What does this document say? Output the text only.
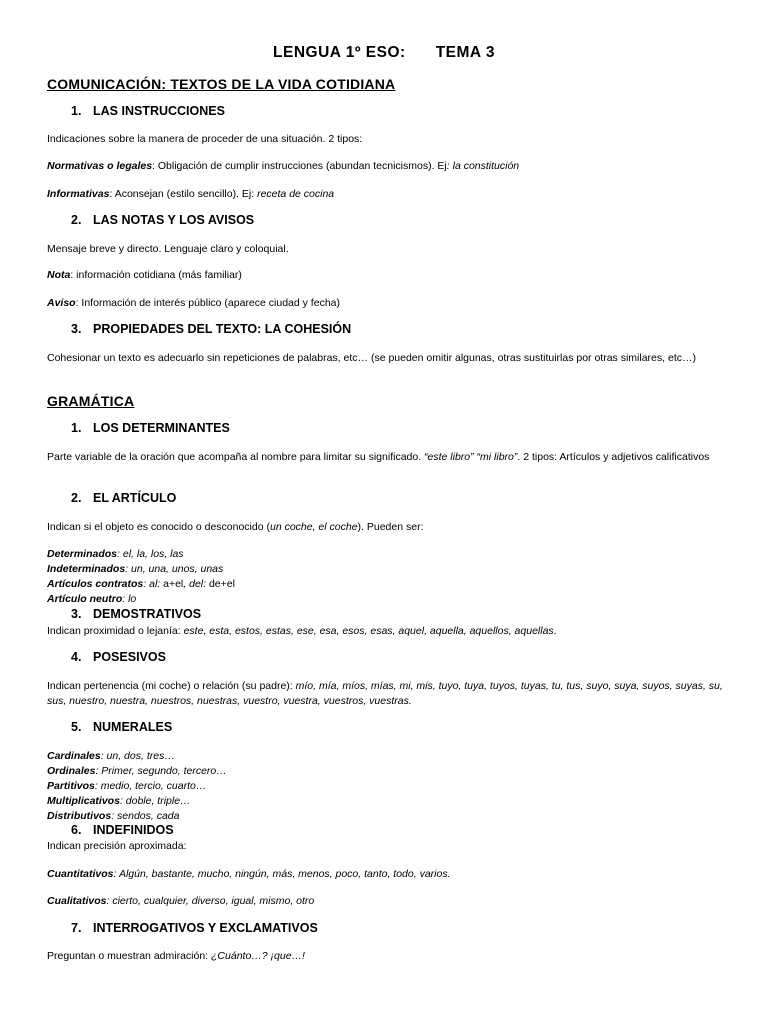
LENGUA 1º ESO: TEMA 3
COMUNICACIÓN: TEXTOS DE LA VIDA COTIDIANA
1. LAS INSTRUCCIONES
Indicaciones sobre la manera de proceder de una situación. 2 tipos:
Normativas o legales: Obligación de cumplir instrucciones (abundan tecnicismos). Ej: la constitución
Informativas: Aconsejan (estilo sencillo). Ej: receta de cocina
2. LAS NOTAS Y LOS AVISOS
Mensaje breve y directo. Lenguaje claro y coloquial.
Nota: información cotidiana (más familiar)
Aviso: Información de interés público (aparece ciudad y fecha)
3. PROPIEDADES DEL TEXTO: LA COHESIÓN
Cohesionar un texto es adecuarlo sin repeticiones de palabras, etc… (se pueden omitir algunas, otras sustituirlas por otras similares, etc…)
GRAMÁTICA
1. LOS DETERMINANTES
Parte variable de la oración que acompaña al nombre para limitar su significado. “este libro” “mi libro”. 2 tipos: Artículos y adjetivos calificativos
2. EL ARTÍCULO
Indican si el objeto es conocido o desconocido (un coche, el coche). Pueden ser:
Determinados: el, la, los, las
Indeterminados: un, una, unos, unas
Artículos contratos: al: a+el, del: de+el
Artículo neutro: lo
3. DEMOSTRATIVOS
Indican proximidad o lejanía: este, esta, estos, estas, ese, esa, esos, esas, aquel, aquella, aquellos, aquellas.
4. POSESIVOS
Indican pertenencia (mi coche) o relación (su padre): mío, mía, míos, mías, mi, mis, tuyo, tuya, tuyos, tuyas, tu, tus, suyo, suya, suyos, suyas, su, sus, nuestro, nuestra, nuestros, nuestras, vuestro, vuestra, vuestros, vuestras.
5. NUMERALES
Cardinales: un, dos, tres…
Ordinales: Primer, segundo, tercero…
Partitivos: medio, tercio, cuarto…
Multiplicativos: doble, triple…
Distributivos: sendos, cada
6. INDEFINIDOS
Indican precisión aproximada:
Cuantitativos: Algún, bastante, mucho, ningún, más, menos, poco, tanto, todo, varios.
Cualitativos: cierto, cualquier, diverso, igual, mismo, otro
7. INTERROGATIVOS Y EXCLAMATIVOS
Preguntan o muestran admiración: ¿Cuánto…? ¡que…!
